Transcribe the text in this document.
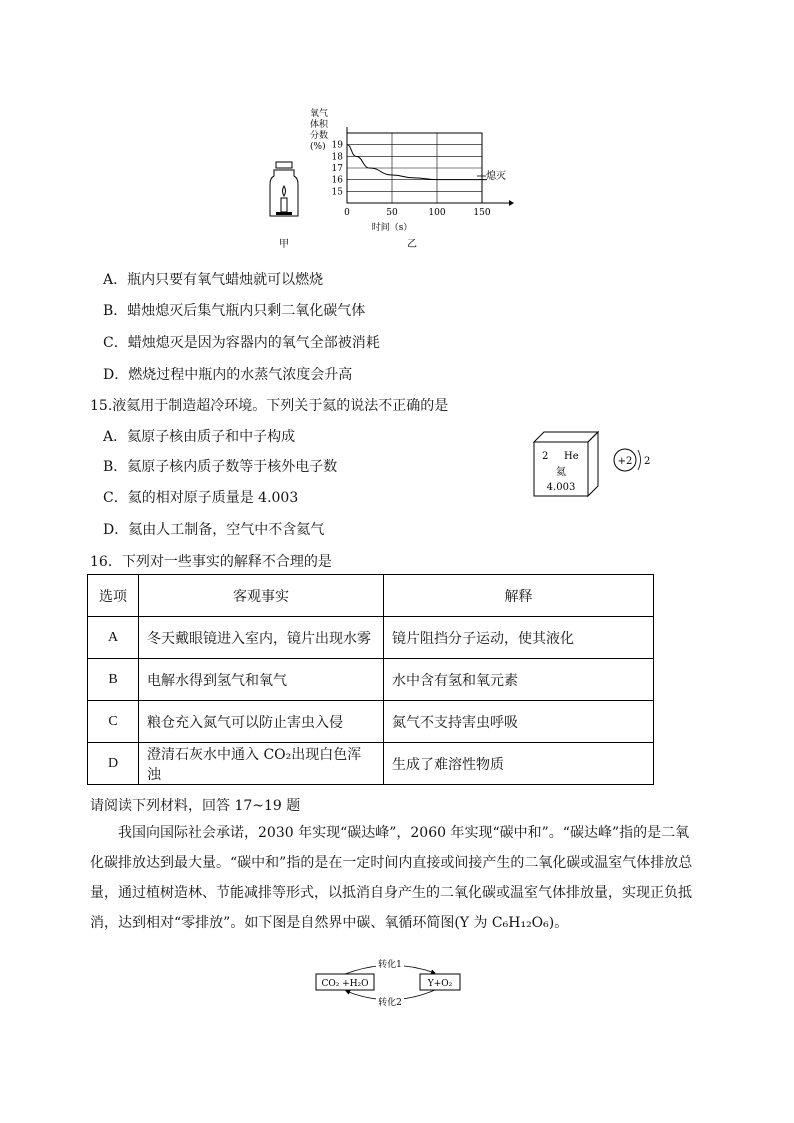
甲
氧气
体积
分数
(%) 19
18
17
16
15
0	50	100	150
熄灭
时间（s）
乙
A．瓶内只要有氧气蜡烛就可以燃烧
B．蜡烛熄灭后集气瓶内只剩二氧化碳气体
C．蜡烛熄灭是因为容器内的氧气全部被消耗
D．燃烧过程中瓶内的水蒸气浓度会升高
15.液氦用于制造超冷环境。下列关于氦的说法不正确的是
A．氦原子核由质子和中子构成
B．氦原子核内质子数等于核外电子数
C．氦的相对原子质量是 4.003
D．氦由人工制备，空气中不含氦气
2 He
氦
4.003
+2 2
16．下列对一些事实的解释不合理的是
选项	客观事实	解释
A	冬天戴眼镜进入室内，镜片出现水雾	镜片阻挡分子运动，使其液化
B	电解水得到氢气和氧气	水中含有氢和氧元素
C	粮仓充入氮气可以防止害虫入侵	氮气不支持害虫呼吸
D	澄清石灰水中通入 CO₂出现白色浑浊	生成了难溶性物质
请阅读下列材料，回答 17~19 题
我国向国际社会承诺，2030 年实现“碳达峰”，2060 年实现“碳中和”。“碳达峰”指的是二氧化碳排放达到最大量。“碳中和”指的是在一定时间内直接或间接产生的二氧化碳或温室气体排放总量，通过植树造林、节能减排等形式，以抵消自身产生的二氧化碳或温室气体排放量，实现正负抵消，达到相对“零排放”。如下图是自然界中碳、氧循环简图(Y 为 C₆H₁₂O₆)。
CO₂ +H₂O	Y+O₂
转化1
转化2
